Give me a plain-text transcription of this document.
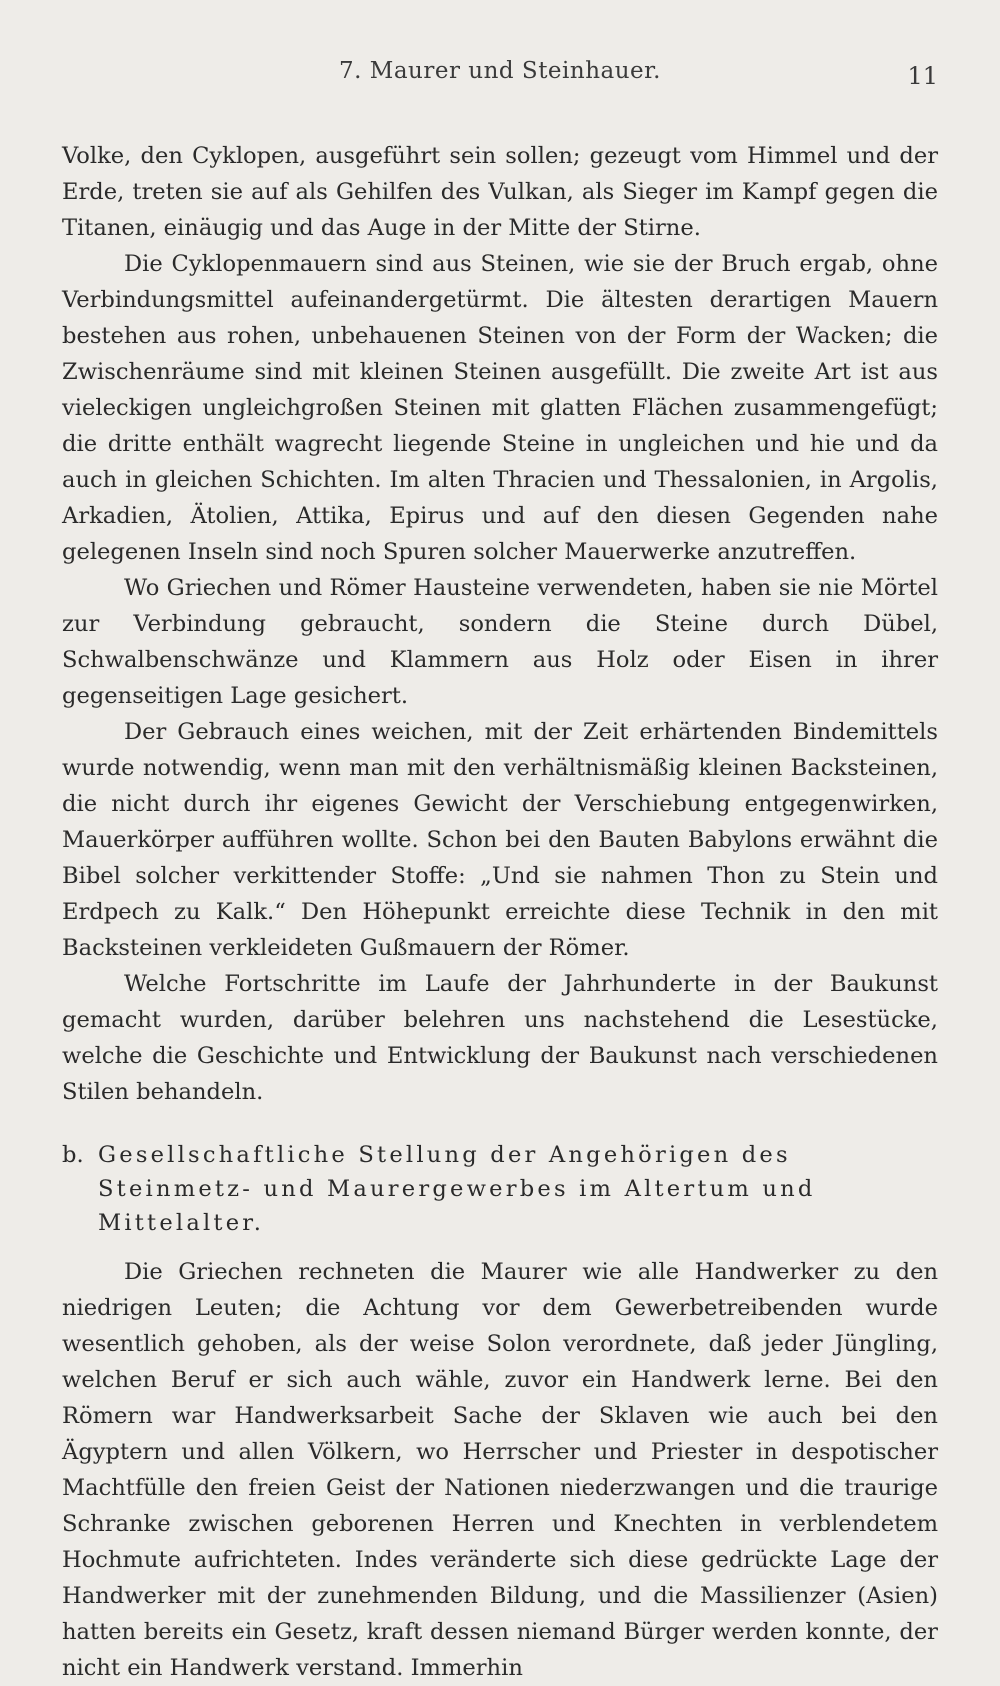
7. Maurer und Steinhauer.	11

Volke, den Cyklopen, ausgeführt sein sollen; gezeugt vom Himmel und der Erde, treten sie auf als Gehilfen des Vulkan, als Sieger im Kampf gegen die Titanen, einäugig und das Auge in der Mitte der Stirne.

Die Cyklopenmauern sind aus Steinen, wie sie der Bruch ergab, ohne Verbindungsmittel aufeinandergetürmt. Die ältesten derartigen Mauern bestehen aus rohen, unbehauenen Steinen von der Form der Wacken; die Zwischenräume sind mit kleinen Steinen ausgefüllt. Die zweite Art ist aus vieleckigen ungleichgroßen Steinen mit glatten Flächen zusammengefügt; die dritte enthält wagrecht liegende Steine in ungleichen und hie und da auch in gleichen Schichten. Im alten Thracien und Thessalonien, in Argolis, Arkadien, Ätolien, Attika, Epirus und auf den diesen Gegenden nahe gelegenen Inseln sind noch Spuren solcher Mauerwerke anzutreffen.

Wo Griechen und Römer Hausteine verwendeten, haben sie nie Mörtel zur Verbindung gebraucht, sondern die Steine durch Dübel, Schwalbenschwänze und Klammern aus Holz oder Eisen in ihrer gegenseitigen Lage gesichert.

Der Gebrauch eines weichen, mit der Zeit erhärtenden Bindemittels wurde notwendig, wenn man mit den verhältnismäßig kleinen Backsteinen, die nicht durch ihr eigenes Gewicht der Verschiebung entgegenwirken, Mauerkörper aufführen wollte. Schon bei den Bauten Babylons erwähnt die Bibel solcher verkittender Stoffe: „Und sie nahmen Thon zu Stein und Erdpech zu Kalk.“ Den Höhepunkt erreichte diese Technik in den mit Backsteinen verkleideten Gußmauern der Römer.

Welche Fortschritte im Laufe der Jahrhunderte in der Baukunst gemacht wurden, darüber belehren uns nachstehend die Lesestücke, welche die Geschichte und Entwicklung der Baukunst nach verschiedenen Stilen behandeln.

b. Gesellschaftliche Stellung der Angehörigen des Steinmetz- und Maurergewerbes im Altertum und Mittelalter.

Die Griechen rechneten die Maurer wie alle Handwerker zu den niedrigen Leuten; die Achtung vor dem Gewerbetreibenden wurde wesentlich gehoben, als der weise Solon verordnete, daß jeder Jüngling, welchen Beruf er sich auch wähle, zuvor ein Handwerk lerne. Bei den Römern war Handwerksarbeit Sache der Sklaven wie auch bei den Ägyptern und allen Völkern, wo Herrscher und Priester in despotischer Machtfülle den freien Geist der Nationen niederzwangen und die traurige Schranke zwischen geborenen Herren und Knechten in verblendetem Hochmute aufrichteten. Indes veränderte sich diese gedrückte Lage der Handwerker mit der zunehmenden Bildung, und die Massilienzer (Asien) hatten bereits ein Gesetz, kraft dessen niemand Bürger werden konnte, der nicht ein Handwerk verstand. Immerhin
